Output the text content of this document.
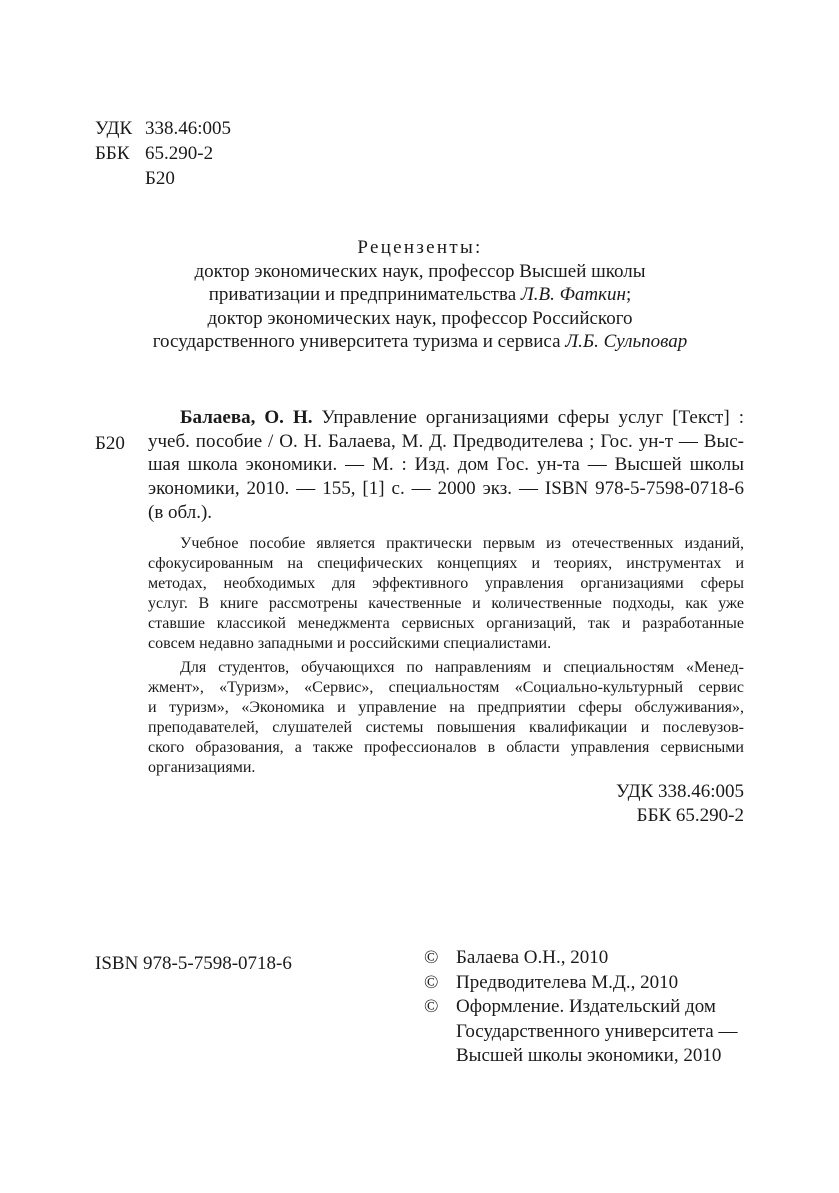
УДК 338.46:005
ББК 65.290-2
Б20
Рецензенты:
доктор экономических наук, профессор Высшей школы
приватизации и предпринимательства Л.В. Фаткин;
доктор экономических наук, профессор Российского
государственного университета туризма и сервиса Л.Б. Сульповар
Б20
Балаева, О. Н. Управление организациями сферы услуг [Текст] :
учеб. пособие / О. Н. Балаева, М. Д. Предводителева ; Гос. ун-т — Выс-
шая школа экономики. — М. : Изд. дом Гос. ун-та — Высшей школы
экономики, 2010. — 155, [1] с. — 2000 экз. — ISBN 978-5-7598-0718-6
(в обл.).
Учебное пособие является практически первым из отечественных изданий,
сфокусированным на специфических концепциях и теориях, инструментах и
методах, необходимых для эффективного управления организациями сферы
услуг. В книге рассмотрены качественные и количественные подходы, как уже
ставшие классикой менеджмента сервисных организаций, так и разработанные
совсем недавно западными и российскими специалистами.
Для студентов, обучающихся по направлениям и специальностям «Менед-
жмент», «Туризм», «Сервис», специальностям «Социально-культурный сервис
и туризм», «Экономика и управление на предприятии сферы обслуживания»,
преподавателей, слушателей системы повышения квалификации и послевузов-
ского образования, а также профессионалов в области управления сервисными
организациями.
УДК 338.46:005
ББК 65.290-2
ISBN 978-5-7598-0718-6	© Балаева О.Н., 2010
© Предводителева М.Д., 2010
© Оформление. Издательский дом
Государственного университета —
Высшей школы экономики, 2010
